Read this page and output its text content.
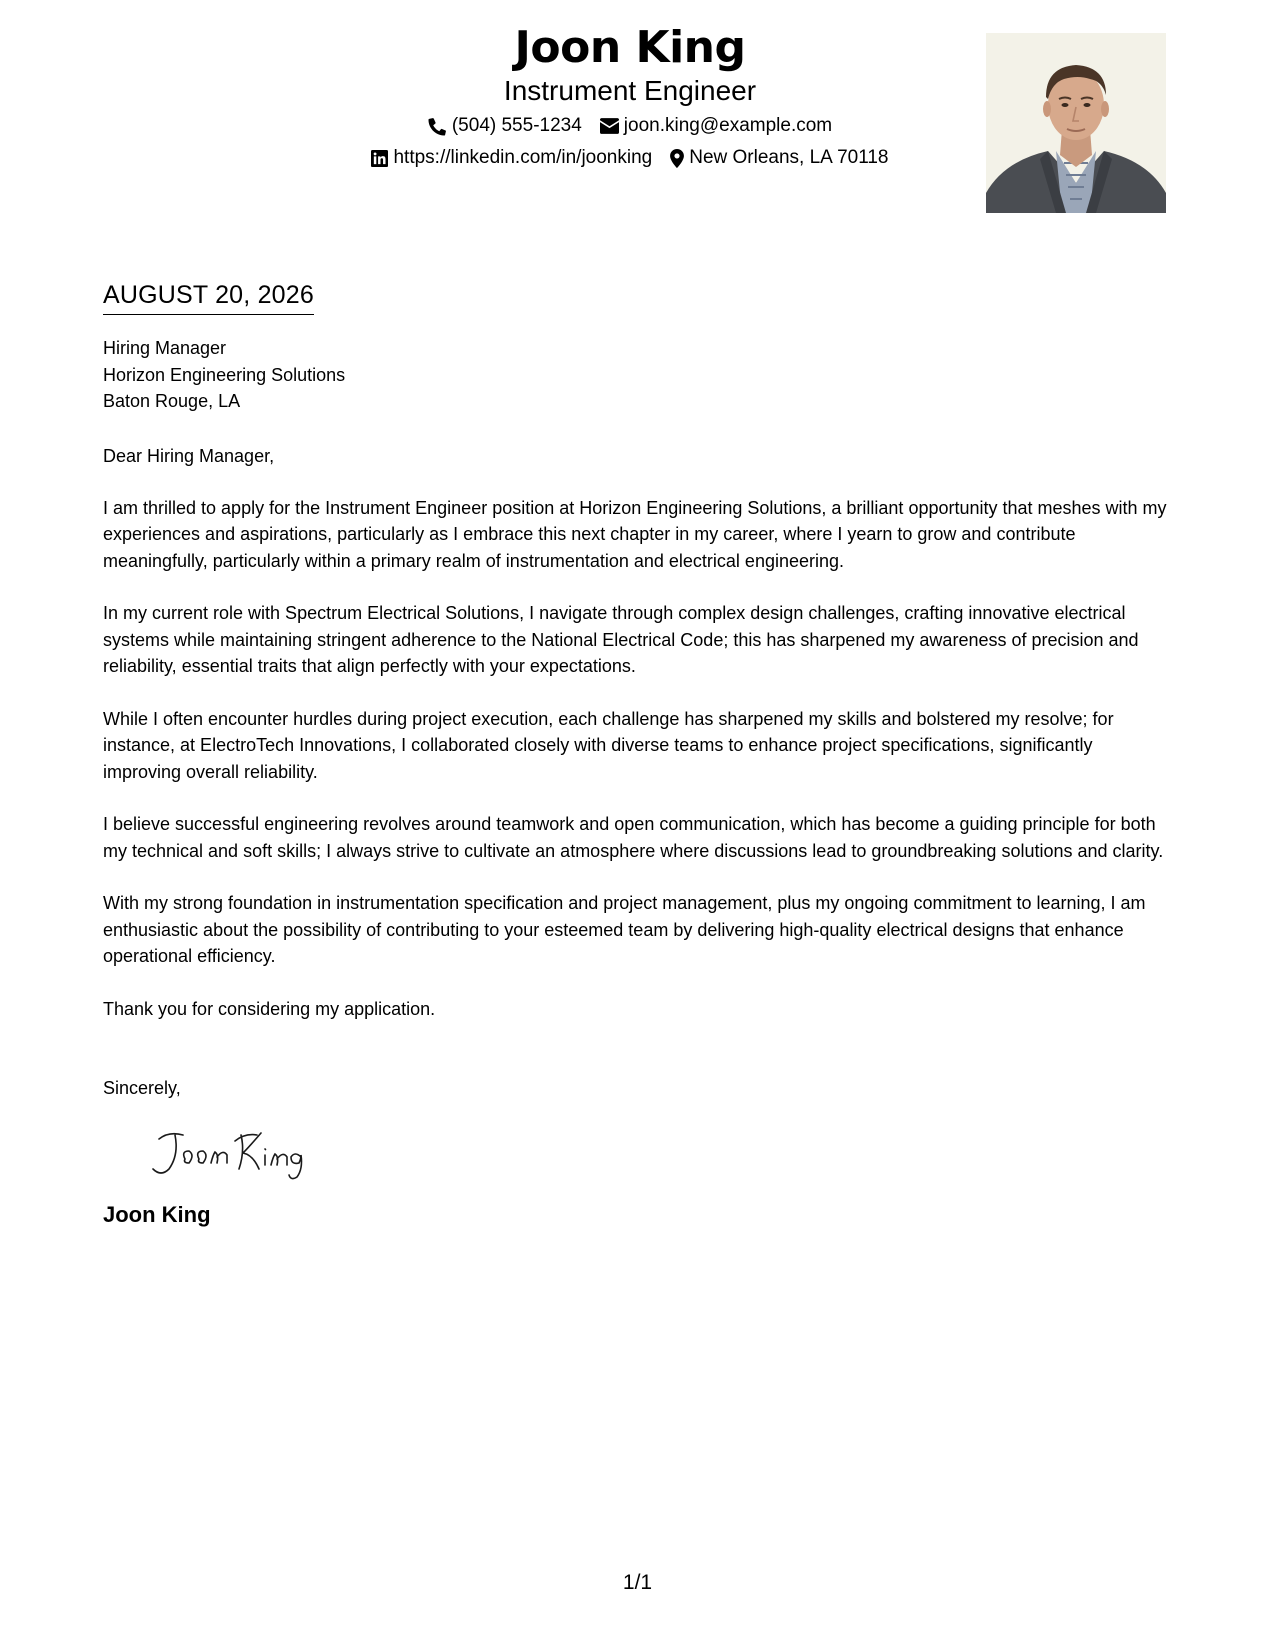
Joon King
Instrument Engineer
(504) 555-1234 joon.king@example.com
https://linkedin.com/in/joonking New Orleans, LA 70118
AUGUST 20, 2026
Hiring Manager
Horizon Engineering Solutions
Baton Rouge, LA
Dear Hiring Manager,
I am thrilled to apply for the Instrument Engineer position at Horizon Engineering Solutions, a brilliant opportunity that meshes with my experiences and aspirations, particularly as I embrace this next chapter in my career, where I yearn to grow and contribute meaningfully, particularly within a primary realm of instrumentation and electrical engineering.
In my current role with Spectrum Electrical Solutions, I navigate through complex design challenges, crafting innovative electrical systems while maintaining stringent adherence to the National Electrical Code; this has sharpened my awareness of precision and reliability, essential traits that align perfectly with your expectations.
While I often encounter hurdles during project execution, each challenge has sharpened my skills and bolstered my resolve; for instance, at ElectroTech Innovations, I collaborated closely with diverse teams to enhance project specifications, significantly improving overall reliability.
I believe successful engineering revolves around teamwork and open communication, which has become a guiding principle for both my technical and soft skills; I always strive to cultivate an atmosphere where discussions lead to groundbreaking solutions and clarity.
With my strong foundation in instrumentation specification and project management, plus my ongoing commitment to learning, I am enthusiastic about the possibility of contributing to your esteemed team by delivering high-quality electrical designs that enhance operational efficiency.
Thank you for considering my application.
Sincerely,
Joon King
1/1
